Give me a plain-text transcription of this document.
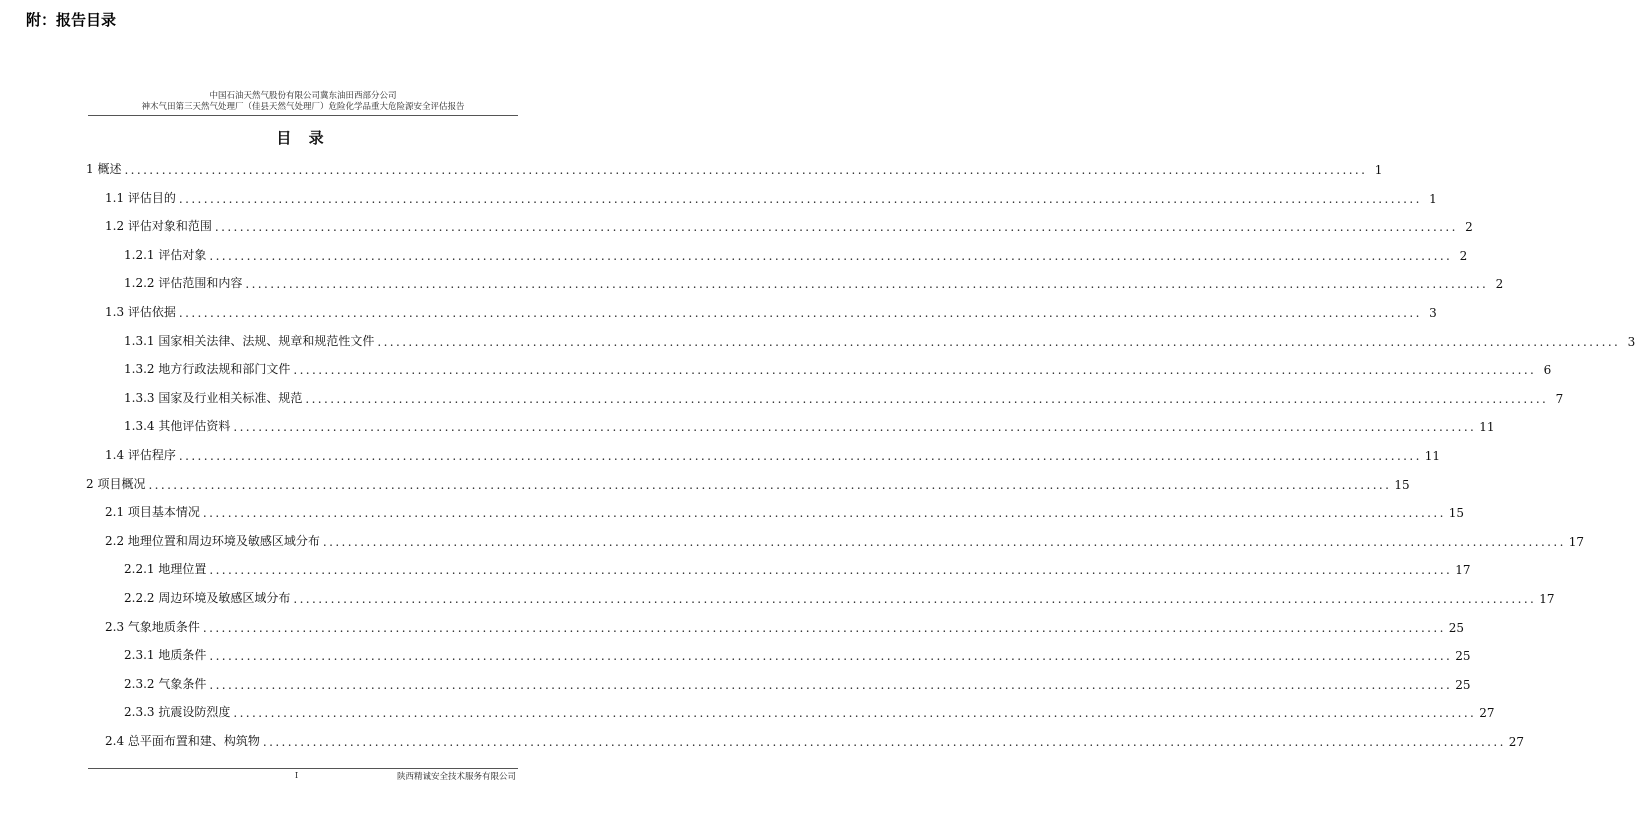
附：报告目录
中国石油天然气股份有限公司冀东油田西部分公司
神木气田第三天然气处理厂（佳县天然气处理厂）危险化学品重大危险源安全评估报告
目 录
1 概述 ........................................................................................................................................................................................................ 1
1.1 评估目的 ........................................................................................................................................................................................................ 1
1.2 评估对象和范围 ........................................................................................................................................................................................................ 2
1.2.1 评估对象 ........................................................................................................................................................................................................ 2
1.2.2 评估范围和内容 ........................................................................................................................................................................................................ 2
1.3 评估依据 ........................................................................................................................................................................................................ 3
1.3.1 国家相关法律、法规、规章和规范性文件 ........................................................................................................................................................................................................ 3
1.3.2 地方行政法规和部门文件 ........................................................................................................................................................................................................ 6
1.3.3 国家及行业相关标准、规范 ........................................................................................................................................................................................................ 7
1.3.4 其他评估资料 ........................................................................................................................................................................................................ 11
1.4 评估程序 ........................................................................................................................................................................................................ 11
2 项目概况 ........................................................................................................................................................................................................ 15
2.1 项目基本情况 ........................................................................................................................................................................................................ 15
2.2 地理位置和周边环境及敏感区域分布 ........................................................................................................................................................................................................ 17
2.2.1 地理位置 ........................................................................................................................................................................................................ 17
2.2.2 周边环境及敏感区域分布 ........................................................................................................................................................................................................ 17
2.3 气象地质条件 ........................................................................................................................................................................................................ 25
2.3.1 地质条件 ........................................................................................................................................................................................................ 25
2.3.2 气象条件 ........................................................................................................................................................................................................ 25
2.3.3 抗震设防烈度 ........................................................................................................................................................................................................ 27
2.4 总平面布置和建、构筑物 ........................................................................................................................................................................................................ 27
I	陕西精诚安全技术服务有限公司
